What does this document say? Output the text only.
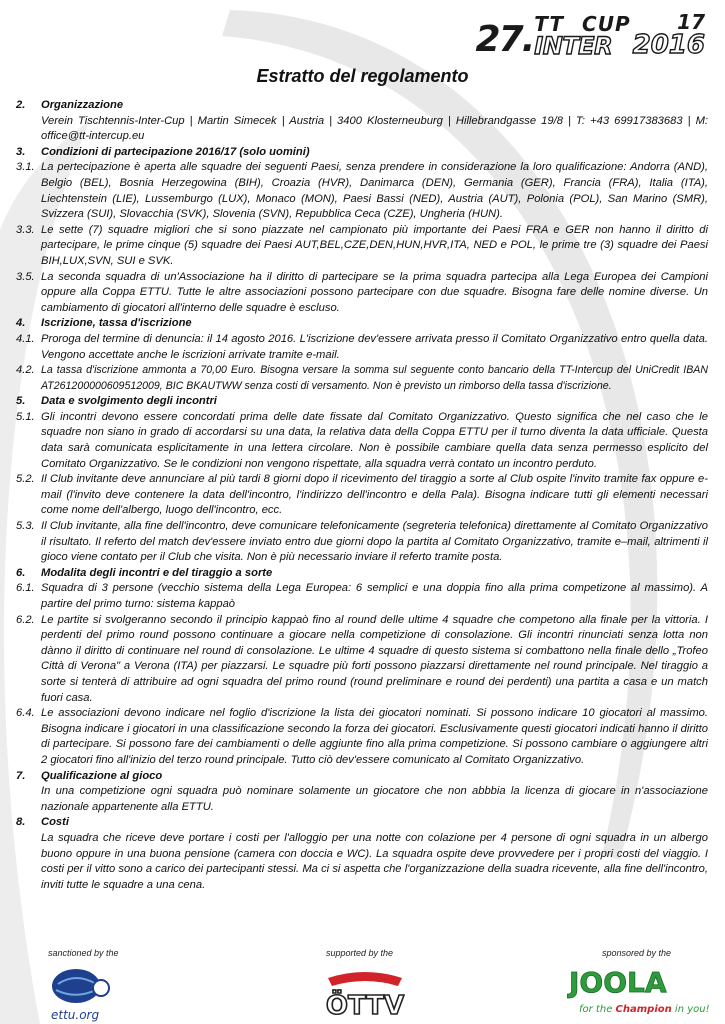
27. TT CUP
INTER
17
2016
Estratto del regolamento
2.	Organizzazione
Verein Tischtennis-Inter-Cup | Martin Simecek | Austria | 3400 Klosterneuburg | Hillebrandgasse 19/8 | T: +43 69917383683 | M: office@tt-intercup.eu
3.	Condizioni di partecipazione 2016/17 (solo uomini)
3.1. La pertecipazione è aperta alle squadre dei seguenti Paesi, senza prendere in considerazione la loro qualificazione: Andorra (AND), Belgio (BEL), Bosnia Herzegowina (BIH), Croazia (HVR), Danimarca (DEN), Germania (GER), Francia (FRA), Italia (ITA), Liechtenstein (LIE), Lussemburgo (LUX), Monaco (MON), Paesi Bassi (NED), Austria (AUT), Polonia (POL), San Marino (SMR), Svizzera (SUI), Slovacchia (SVK), Slovenia (SVN), Repubblica Ceca (CZE), Ungheria (HUN).
3.3. Le sette (7) squadre migliori che si sono piazzate nel campionato più importante dei Paesi FRA e GER non hanno il diritto di partecipare, le prime cinque (5) squadre dei Paesi AUT,BEL,CZE,DEN,HUN,HVR,ITA, NED e POL, le prime tre (3) squadre dei Paesi BIH,LUX,SVN, SUI e SVK.
3.5. La seconda squadra di un'Associazione ha il diritto di partecipare se la prima squadra partecipa alla Lega Europea dei Campioni oppure alla Coppa ETTU. Tutte le altre associazioni possono partecipare con due squadre. Bisogna fare delle nomine diverse. Un cambiamento di giocatori all'interno delle squadre è escluso.
4.	Iscrizione, tassa d'iscrizione
4.1. Proroga del termine di denuncia: il 14 agosto 2016. L'iscrizione dev'essere arrivata presso il Comitato Organizzativo entro quella data. Vengono accettate anche le iscrizioni arrivate tramite e-mail.
4.2. La tassa d'iscrizione ammonta a 70,00 Euro. Bisogna versare la somma sul seguente conto bancario della TT-Intercup del UniCredit IBAN AT261200000609512009, BIC BKAUTWW senza costi di versamento. Non è previsto un rimborso della tassa d'iscrizione.
5.	Data e svolgimento degli incontri
5.1. Gli incontri devono essere concordati prima delle date fissate dal Comitato Organizzativo. Questo significa che nel caso che le squadre non siano in grado di accordarsi su una data, la relativa data della Coppa ETTU per il turno diventa la data ufficiale. Questa data sarà comunicata esplicitamente in una lettera circolare. Non è possibile cambiare quella data senza permesso esplicito del Comitato Organizzativo. Se le condizioni non vengono rispettate, alla squadra verrà contato un incontro perduto.
5.2. Il Club invitante deve annunciare al più tardi 8 giorni dopo il ricevimento del tiraggio a sorte al Club ospite l'invito tramite fax oppure e-mail (l'invito deve contenere la data dell'incontro, l'indirizzo dell'incontro e della Pala). Bisogna indicare tutti gli elementi necessari come nome dell'albergo, luogo dell'incontro, ecc.
5.3. Il Club invitante, alla fine dell'incontro, deve comunicare telefonicamente (segreteria telefonica) direttamente al Comitato Organizzativo il risultato. Il referto del match dev'essere inviato entro due giorni dopo la partita al Comitato Organizzativo, tramite e–mail, altrimenti il gioco viene contato per il Club che visita. Non è più necessario inviare il referto tramite posta.
6.	Modalita degli incontri e del tiraggio a sorte
6.1. Squadra di 3 persone (vecchio sistema della Lega Europea: 6 semplici e una doppia fino alla prima competizone al massimo). A partire del primo turno: sistema kappaò
6.2. Le partite si svolgeranno secondo il principio kappaò fino al round delle ultime 4 squadre che competono alla finale per la vittoria. I perdenti del primo round possono continuare a giocare nella competizione di consolazione. Gli incontri rinunciati senza lotta non dànno il diritto di continuare nel round di consolazione. Le ultime 4 squadre di questo sistema si combattono nella finale dello „Trofeo Città di Verona" a Verona (ITA) per piazzarsi. Le squadre più forti possono piazzarsi direttamente nel round principale. Nel tiraggio a sorte si tenterà di attribuire ad ogni squadra del primo round (round preliminare e round dei perdenti) una partita a casa e un match fuori casa.
6.4. Le associazioni devono indicare nel foglio d'iscrizione la lista dei giocatori nominati. Si possono indicare 10 giocatori al massimo. Bisogna indicare i giocatori in una classificazione secondo la forza dei giocatori. Esclusivamente questi giocatori indicati hanno il diritto di partecipare. Si possono fare dei cambiamenti o delle aggiunte fino alla prima competizione. Si possono cambiare o aggiungere altri 2 giocatori fino all'inizio del terzo round principale. Tutto ciò dev'essere comunicato al Comitato Organizzativo.
7.	Qualificazione al gioco
In una competizione ogni squadra può nominare solamente un giocatore che non abbbia la licenza di giocare in n'associazione nazionale appartenente alla ETTU.
8.	Costi
La squadra che riceve deve portare i costi per l'alloggio per una notte con colazione per 4 persone di ogni squadra in un albergo buono oppure in una buona pensione (camera con doccia e WC). La squadra ospite deve provvedere per i propri costi del viaggio. I costi per il vitto sono a carico dei partecipanti stessi. Ma ci si aspetta che l'organizzazione della suadra ricevente, alla fine dell'incontro, inviti tutte le squadre a una cena.
sanctioned by the	supported by the	sponsored by the
ettu.org	ÖTTV
JOOLA
for the Champion in you!
